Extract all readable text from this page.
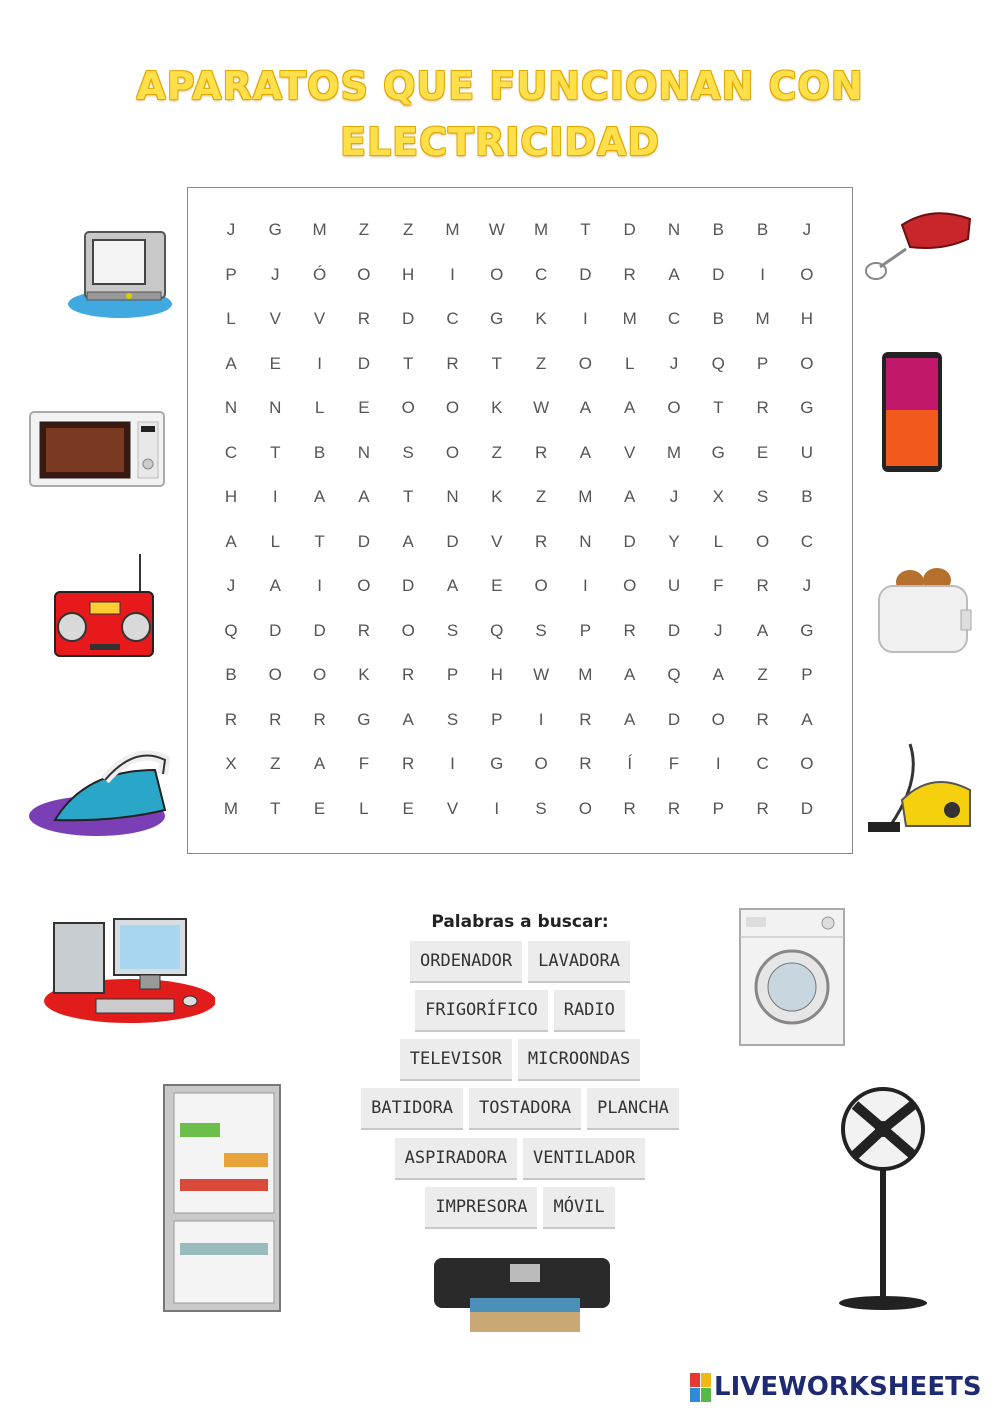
APARATOS QUE FUNCIONAN CON
ELECTRICIDAD
J	G	M	Z	Z	M	W	M	T	D	N	B	B	J
P	J	Ó	O	H	I	O	C	D	R	A	D	I	O
L	V	V	R	D	C	G	K	I	M	C	B	M	H
A	E	I	D	T	R	T	Z	O	L	J	Q	P	O
N	N	L	E	O	O	K	W	A	A	O	T	R	G
C	T	B	N	S	O	Z	R	A	V	M	G	E	U
H	I	A	A	T	N	K	Z	M	A	J	X	S	B
A	L	T	D	A	D	V	R	N	D	Y	L	O	C
J	A	I	O	D	A	E	O	I	O	U	F	R	J
Q	D	D	R	O	S	Q	S	P	R	D	J	A	G
B	O	O	K	R	P	H	W	M	A	Q	A	Z	P
R	R	R	G	A	S	P	I	R	A	D	O	R	A
X	Z	A	F	R	I	G	O	R	Í	F	I	C	O
M	T	E	L	E	V	I	S	O	R	R	P	R	D
Palabras a buscar:
ORDENADOR	LAVADORA
FRIGORÍFICO	RADIO
TELEVISOR	MICROONDAS
BATIDORA	TOSTADORA	PLANCHA
ASPIRADORA	VENTILADOR
IMPRESORA	MÓVIL
LIVEWORKSHEETS
